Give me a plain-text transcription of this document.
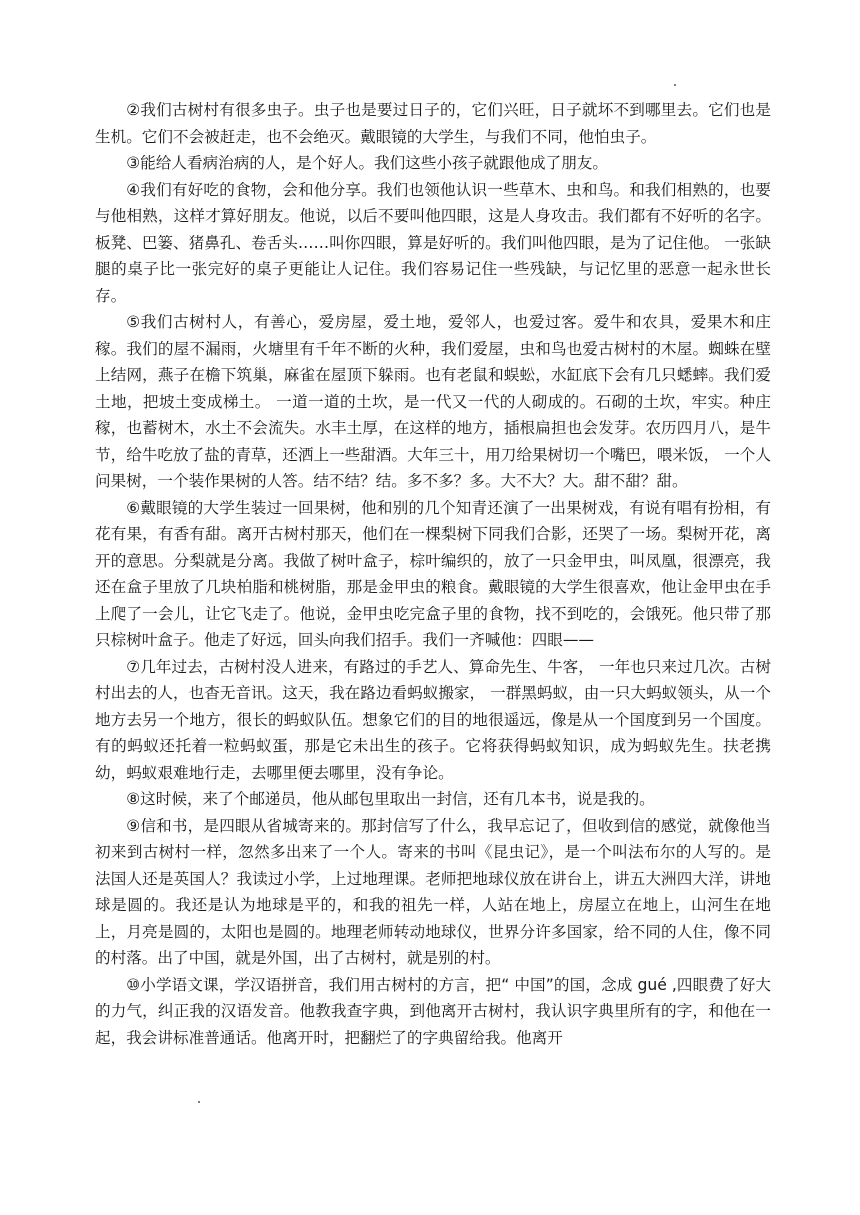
②我们古树村有很多虫子。虫子也是要过日子的，它们兴旺，日子就坏不到哪里去。它们也是生机。它们不会被赶走，也不会绝灭。戴眼镜的大学生，与我们不同，他怕虫子。

③能给人看病治病的人，是个好人。我们这些小孩子就跟他成了朋友。

④我们有好吃的食物，会和他分享。我们也领他认识一些草木、虫和鸟。和我们相熟的，也要与他相熟，这样才算好朋友。他说，以后不要叫他四眼，这是人身攻击。我们都有不好听的名字。板凳、巴篓、猪鼻孔、卷舌头……叫你四眼，算是好听的。我们叫他四眼，是为了记住他。 一张缺腿的桌子比一张完好的桌子更能让人记住。我们容易记住一些残缺，与记忆里的恶意一起永世长存。

⑤我们古树村人，有善心，爱房屋，爱土地，爱邻人，也爱过客。爱牛和农具，爱果木和庄稼。我们的屋不漏雨，火塘里有千年不断的火种，我们爱屋，虫和鸟也爱古树村的木屋。蜘蛛在壁上结网，燕子在檐下筑巢，麻雀在屋顶下躲雨。也有老鼠和蜈蚣，水缸底下会有几只蟋蟀。我们爱土地，把坡土变成梯土。 一道一道的土坎，是一代又一代的人砌成的。石砌的土坎，牢实。种庄稼，也蓄树木，水土不会流失。水丰土厚，在这样的地方，插根扁担也会发芽。农历四月八，是牛节，给牛吃放了盐的青草，还洒上一些甜酒。大年三十，用刀给果树切一个嘴巴，喂米饭， 一个人问果树，一个装作果树的人答。结不结？结。多不多？多。大不大？大。甜不甜？甜。

⑥戴眼镜的大学生装过一回果树，他和别的几个知青还演了一出果树戏，有说有唱有扮相，有花有果，有香有甜。离开古树村那天，他们在一棵梨树下同我们合影，还哭了一场。梨树开花，离开的意思。分梨就是分离。我做了树叶盒子，棕叶编织的，放了一只金甲虫，叫凤凰，很漂亮，我还在盒子里放了几块柏脂和桃树脂，那是金甲虫的粮食。戴眼镜的大学生很喜欢，他让金甲虫在手上爬了一会儿，让它飞走了。他说，金甲虫吃完盒子里的食物，找不到吃的，会饿死。他只带了那只棕树叶盒子。他走了好远，回头向我们招手。我们一齐喊他：四眼——

⑦几年过去，古树村没人进来，有路过的手艺人、算命先生、牛客， 一年也只来过几次。古树村出去的人，也杳无音讯。这天，我在路边看蚂蚁搬家， 一群黑蚂蚁，由一只大蚂蚁领头，从一个地方去另一个地方，很长的蚂蚁队伍。想象它们的目的地很遥远，像是从一个国度到另一个国度。有的蚂蚁还托着一粒蚂蚁蛋，那是它未出生的孩子。它将获得蚂蚁知识，成为蚂蚁先生。扶老携幼，蚂蚁艰难地行走，去哪里便去哪里，没有争论。

⑧这时候，来了个邮递员，他从邮包里取出一封信，还有几本书，说是我的。

⑨信和书，是四眼从省城寄来的。那封信写了什么，我早忘记了，但收到信的感觉，就像他当初来到古树村一样，忽然多出来了一个人。寄来的书叫《昆虫记》，是一个叫法布尔的人写的。是法国人还是英国人？我读过小学，上过地理课。老师把地球仪放在讲台上，讲五大洲四大洋，讲地球是圆的。我还是认为地球是平的，和我的祖先一样，人站在地上，房屋立在地上，山河生在地上，月亮是圆的，太阳也是圆的。地理老师转动地球仪，世界分许多国家，给不同的人住，像不同的村落。出了中国，就是外国，出了古树村，就是别的村。

⑩小学语文课，学汉语拼音，我们用古树村的方言，把“ 中国”的国，念成 gué ,四眼费了好大的力气，纠正我的汉语发音。他教我查字典，到他离开古树村，我认识字典里所有的字，和他在一起，我会讲标准普通话。他离开时，把翻烂了的字典留给我。他离开
